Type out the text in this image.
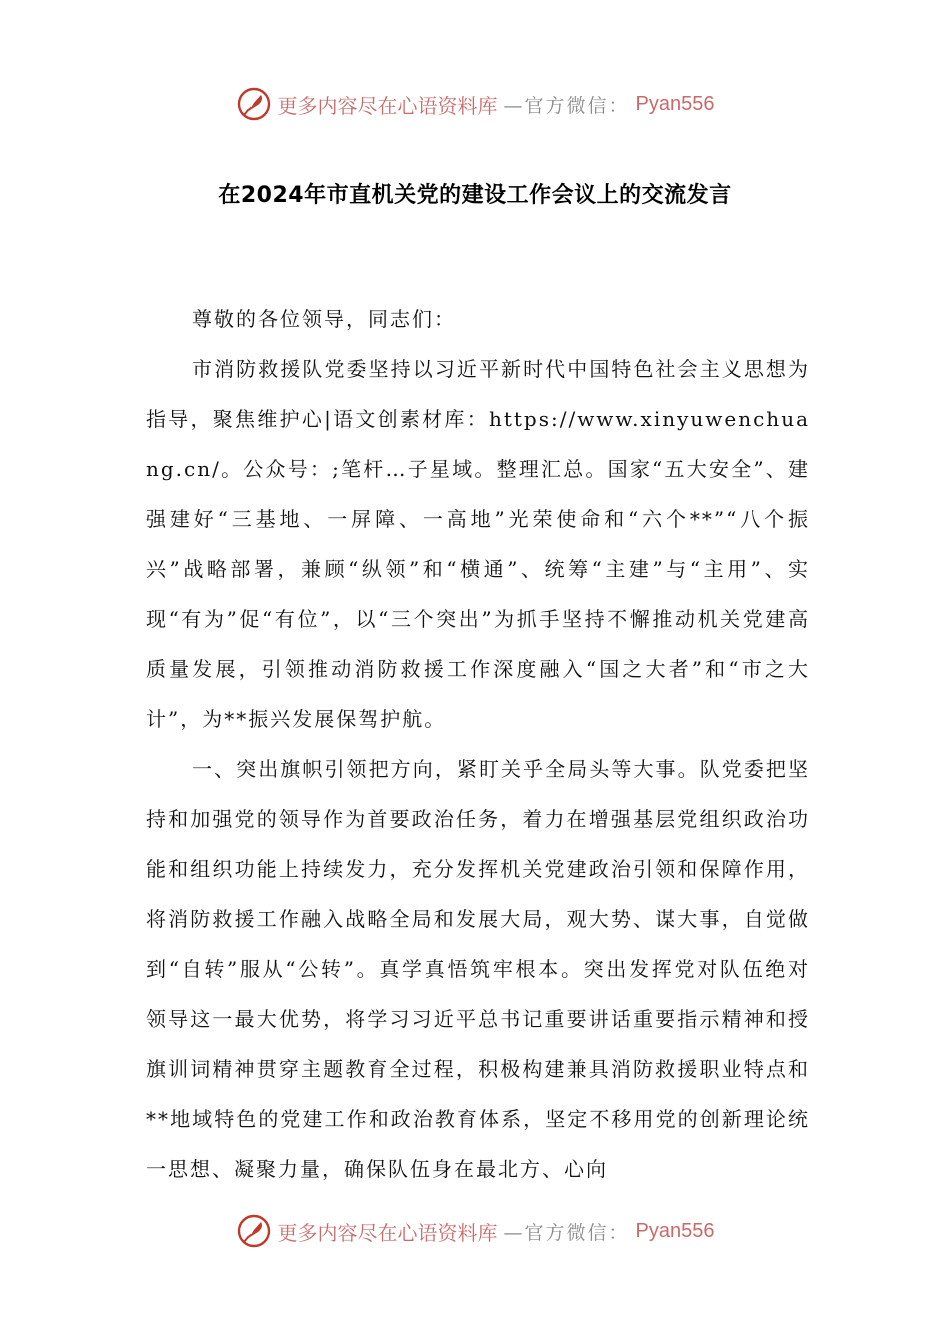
更多内容尽在心语资料库 —官方微信： Pyan556
在2024年市直机关党的建设工作会议上的交流发言

尊敬的各位领导，同志们：

市消防救援队党委坚持以习近平新时代中国特色社会主义思想为指导，聚焦维护心|语文创素材库：https://www.xinyuwenchuang.cn/。公众号：;笔杆…子星域。整理汇总。国家“五大安全”、建强建好“三基地、一屏障、一高地”光荣使命和“六个**”“八个振兴”战略部署，兼顾“纵领”和“横通”、统筹“主建”与“主用”、实现“有为”促“有位”，以“三个突出”为抓手坚持不懈推动机关党建高质量发展，引领推动消防救援工作深度融入“国之大者”和“市之大计”，为**振兴发展保驾护航。

一、突出旗帜引领把方向，紧盯关乎全局头等大事。队党委把坚持和加强党的领导作为首要政治任务，着力在增强基层党组织政治功能和组织功能上持续发力，充分发挥机关党建政治引领和保障作用，将消防救援工作融入战略全局和发展大局，观大势、谋大事，自觉做到“自转”服从“公转”。真学真悟筑牢根本。突出发挥党对队伍绝对领导这一最大优势，将学习习近平总书记重要讲话重要指示精神和授旗训词精神贯穿主题教育全过程，积极构建兼具消防救援职业特点和**地域特色的党建工作和政治教育体系，坚定不移用党的创新理论统一思想、凝聚力量，确保队伍身在最北方、心向

更多内容尽在心语资料库 —官方微信： Pyan556
